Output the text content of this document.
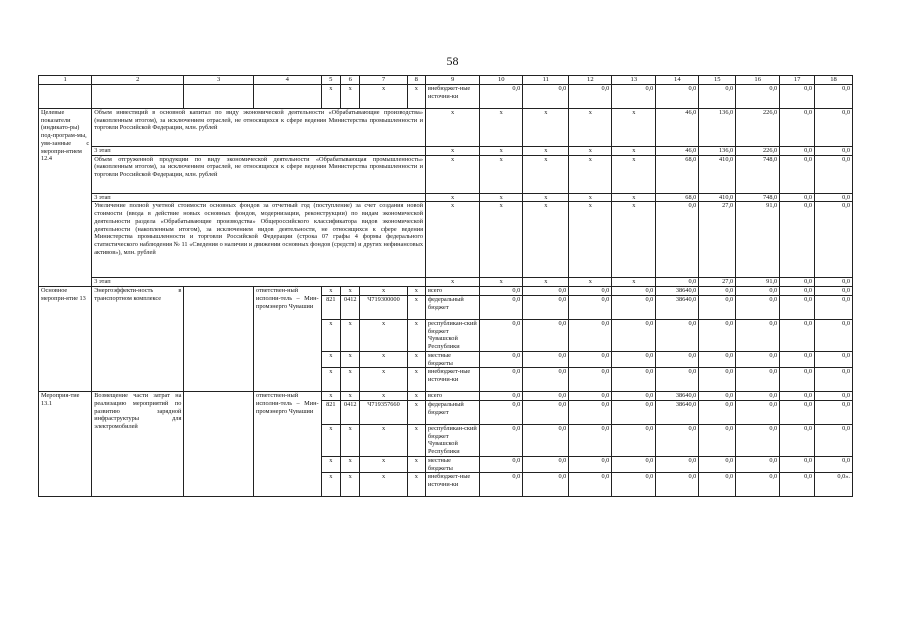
58
1	2	3	4	5	6	7	8	9	10	11	12	13	14	15	16	17	18
				х	х	х	х	внебюджет-ные источни-ки	0,0	0,0	0,0	0,0	0,0	0,0	0,0	0,0	0,0
Целевые показатели (индикато-ры) под-програм-мы, увя-занные с меропри-ятием 12.4	Объем инвестиций в основной капитал по виду экономической деятельности «Обрабатывающие производства» (накопленным итогом), за исключением отраслей, не относящихся к сфере ведения Министерства промышленности и торговли Российской Федерации, млн. рублей							х	х	х	х	х	46,0	136,0	226,0	0,0	0,0
	3 этап							х	х	х	х	х	46,0	136,0	226,0	0,0	0,0
	Объем отгруженной продукции по виду экономической деятельности «Обрабатывающая промышленность» (накопленным итогом), за исключением отраслей, не относящихся к сфере ведения Министерства промышленности и торговли Российской Федерации, млн. рублей							х	х	х	х	х	68,0	410,0	748,0	0,0	0,0
	3 этап							х	х	х	х	х	68,0	410,0	748,0	0,0	0,0
	Увеличение полной учетной стоимости основных фондов за отчетный год (поступление) за счет создания новой стоимости (ввода в действие новых основных фондов, модернизации, реконструкции) по видам экономической деятельности раздела «Обрабатывающие производства» Общероссийского классификатора видов экономической деятельности (накопленным итогом), за исключением видов деятельности, не относящихся к сфере ведения Министерства промышленности и торговли Российской Федерации (строка 07 графы 4 формы федерального статистического наблюдения № 11 «Сведения о наличии и движении основных фондов (средств) и других нефинансовых активов»), млн. рублей							х	х	х	х	х	0,0	27,0	91,0	0,0	0,0
	3 этап							х	х	х	х	х	0,0	27,0	91,0	0,0	0,0
Основное меропри-ятие 13	Энергоэффекти-ность в транспортном комплексе		ответствен-ный исполни-тель – Мин-промэнерго Чувашии	х	х	х	х	всего	0,0	0,0	0,0	0,0	38640,0	0,0	0,0	0,0	0,0
				821	0412	Ч719300000	х	федеральный бюджет	0,0	0,0	0,0	0,0	38640,0	0,0	0,0	0,0	0,0
				х	х	х	х	республикан-ский бюджет Чувашской Республики	0,0	0,0	0,0	0,0	0,0	0,0	0,0	0,0	0,0
				х	х	х	х	местные бюджеты	0,0	0,0	0,0	0,0	0,0	0,0	0,0	0,0	0,0
				х	х	х	х	внебюджет-ные источни-ки	0,0	0,0	0,0	0,0	0,0	0,0	0,0	0,0	0,0
Мероприя-тие 13.1	Возмещение части затрат на реализацию мероприятий по развитию зарядной инфраструктуры для электромобилей		ответствен-ный исполни-тель – Мин-промэнерго Чувашии	х	х	х	х	всего	0,0	0,0	0,0	0,0	38640,0	0,0	0,0	0,0	0,0
				821	0412	Ч719357660	х	федеральный бюджет	0,0	0,0	0,0	0,0	38640,0	0,0	0,0	0,0	0,0
				х	х	х	х	республикан-ский бюджет Чувашской Республики	0,0	0,0	0,0	0,0	0,0	0,0	0,0	0,0	0,0
				х	х	х	х	местные бюджеты	0,0	0,0	0,0	0,0	0,0	0,0	0,0	0,0	0,0
				х	х	х	х	внебюджет-ные источни-ки	0,0	0,0	0,0	0,0	0,0	0,0	0,0	0,0	0,0».
